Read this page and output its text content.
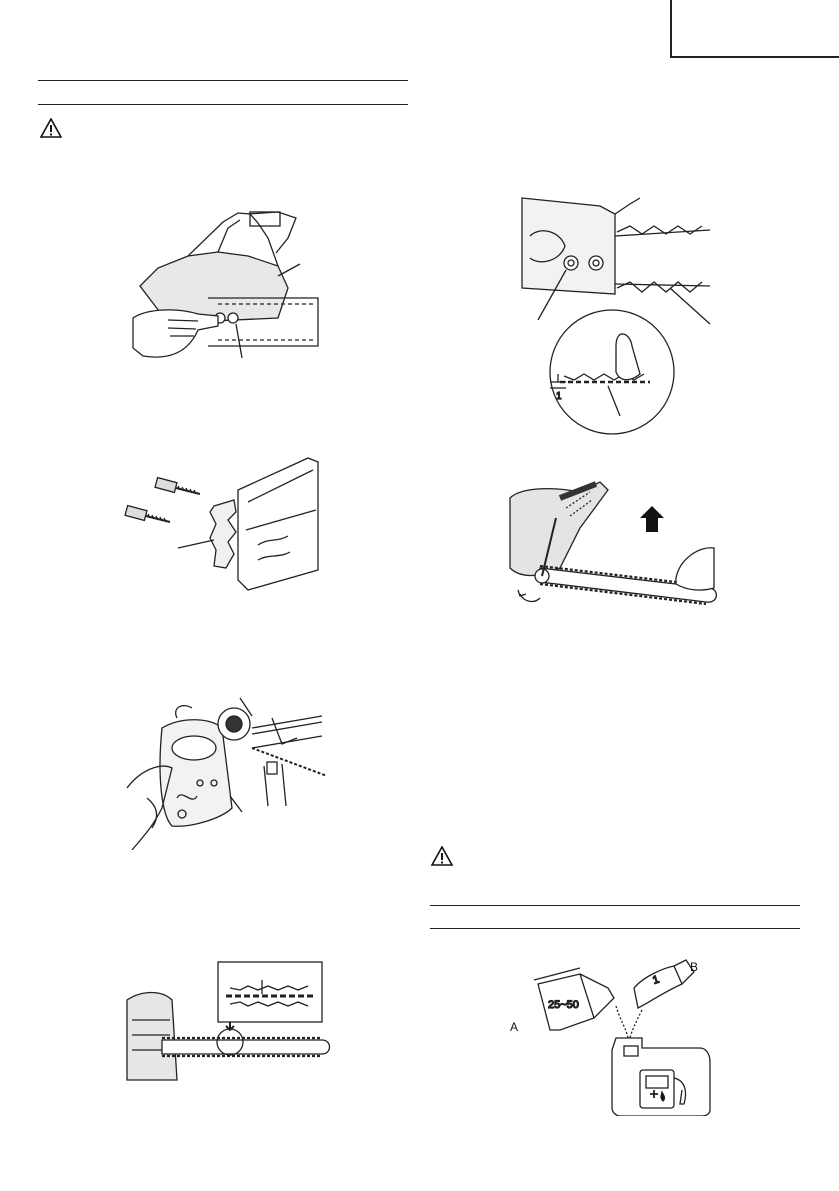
1
25~50
1
A
B
